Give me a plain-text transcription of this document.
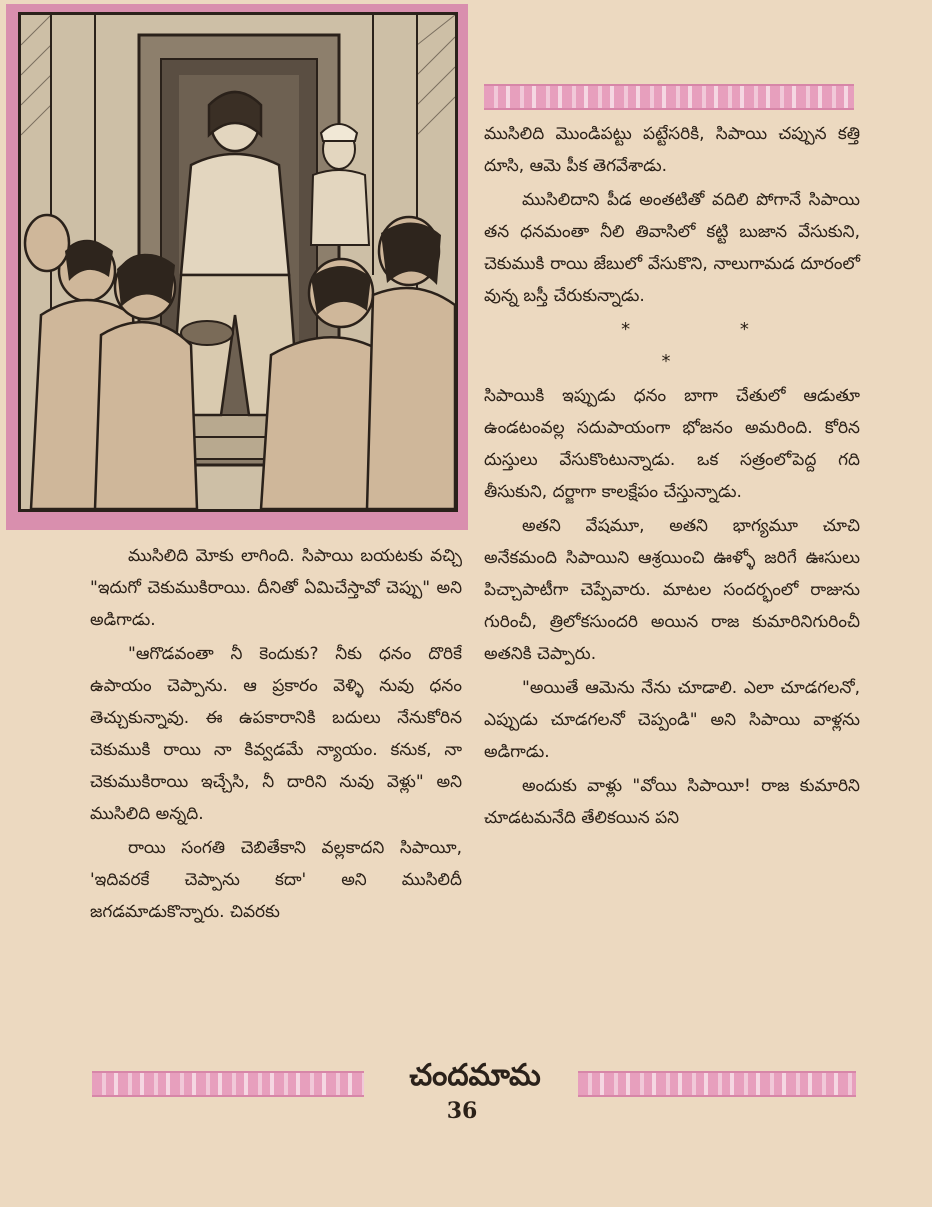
ముసిలిది మొండిపట్టు పట్టేసరికి, సిపాయి చప్పున కత్తి దూసి, ఆమె పీక తెగవేశాడు.

ముసిలిదాని పీడ అంతటితో వదిలి పోగానే సిపాయి తన ధనమంతా నీలి తివాసిలో కట్టి బుజాన వేసుకుని, చెకుముకి రాయి జేబులో వేసుకొని, నాలుగామడ దూరంలో వున్న బస్తీ చేరుకున్నాడు.

* * *

సిపాయికి ఇప్పుడు ధనం బాగా చేతులో ఆడుతూ ఉండటంవల్ల సదుపాయంగా భోజనం అమరింది. కోరిన దుస్తులు వేసుకొంటున్నాడు. ఒక సత్రంలోపెద్ద గది తీసుకుని, దర్జాగా కాలక్షేపం చేస్తున్నాడు.

అతని వేషమూ, అతని భాగ్యమూ చూచి అనేకమంది సిపాయిని ఆశ్రయించి ఊళ్ళో జరిగే ఊసులు పిచ్చాపాటీగా చెప్పేవారు. మాటల సందర్భంలో రాజును గురించీ, త్రిలోకసుందరి అయిన రాజ కుమారినిగురించీ అతనికి చెప్పారు.

"అయితే ఆమెను నేను చూడాలి. ఎలా చూడగలనో, ఎప్పుడు చూడగలనో చెప్పండి" అని సిపాయి వాళ్లను అడిగాడు.

అందుకు వాళ్లు "వోయి సిపాయీ! రాజ కుమారిని చూడటమనేది తేలికయిన పని

ముసిలిది మోకు లాగింది. సిపాయి బయటకు వచ్చి "ఇదుగో చెకుముకిరాయి. దీనితో ఏమిచేస్తావో చెప్పు" అని అడిగాడు.

"ఆగొడవంతా నీ కెందుకు? నీకు ధనం దొరికే ఉపాయం చెప్పాను. ఆ ప్రకారం వెళ్ళి నువు ధనం తెచ్చుకున్నావు. ఈ ఉపకారానికి బదులు నేనుకోరిన చెకుముకి రాయి నా కివ్వడమే న్యాయం. కనుక, నా చెకుముకిరాయి ఇచ్చేసి, నీ దారిని నువు వెళ్లు" అని ముసిలిది అన్నది.

రాయి సంగతి చెబితేకాని వల్లకాదని సిపాయీ, 'ఇదివరకే చెప్పాను కదా' అని ముసిలిదీ జగడమాడుకొన్నారు. చివరకు

చందమామ
36
